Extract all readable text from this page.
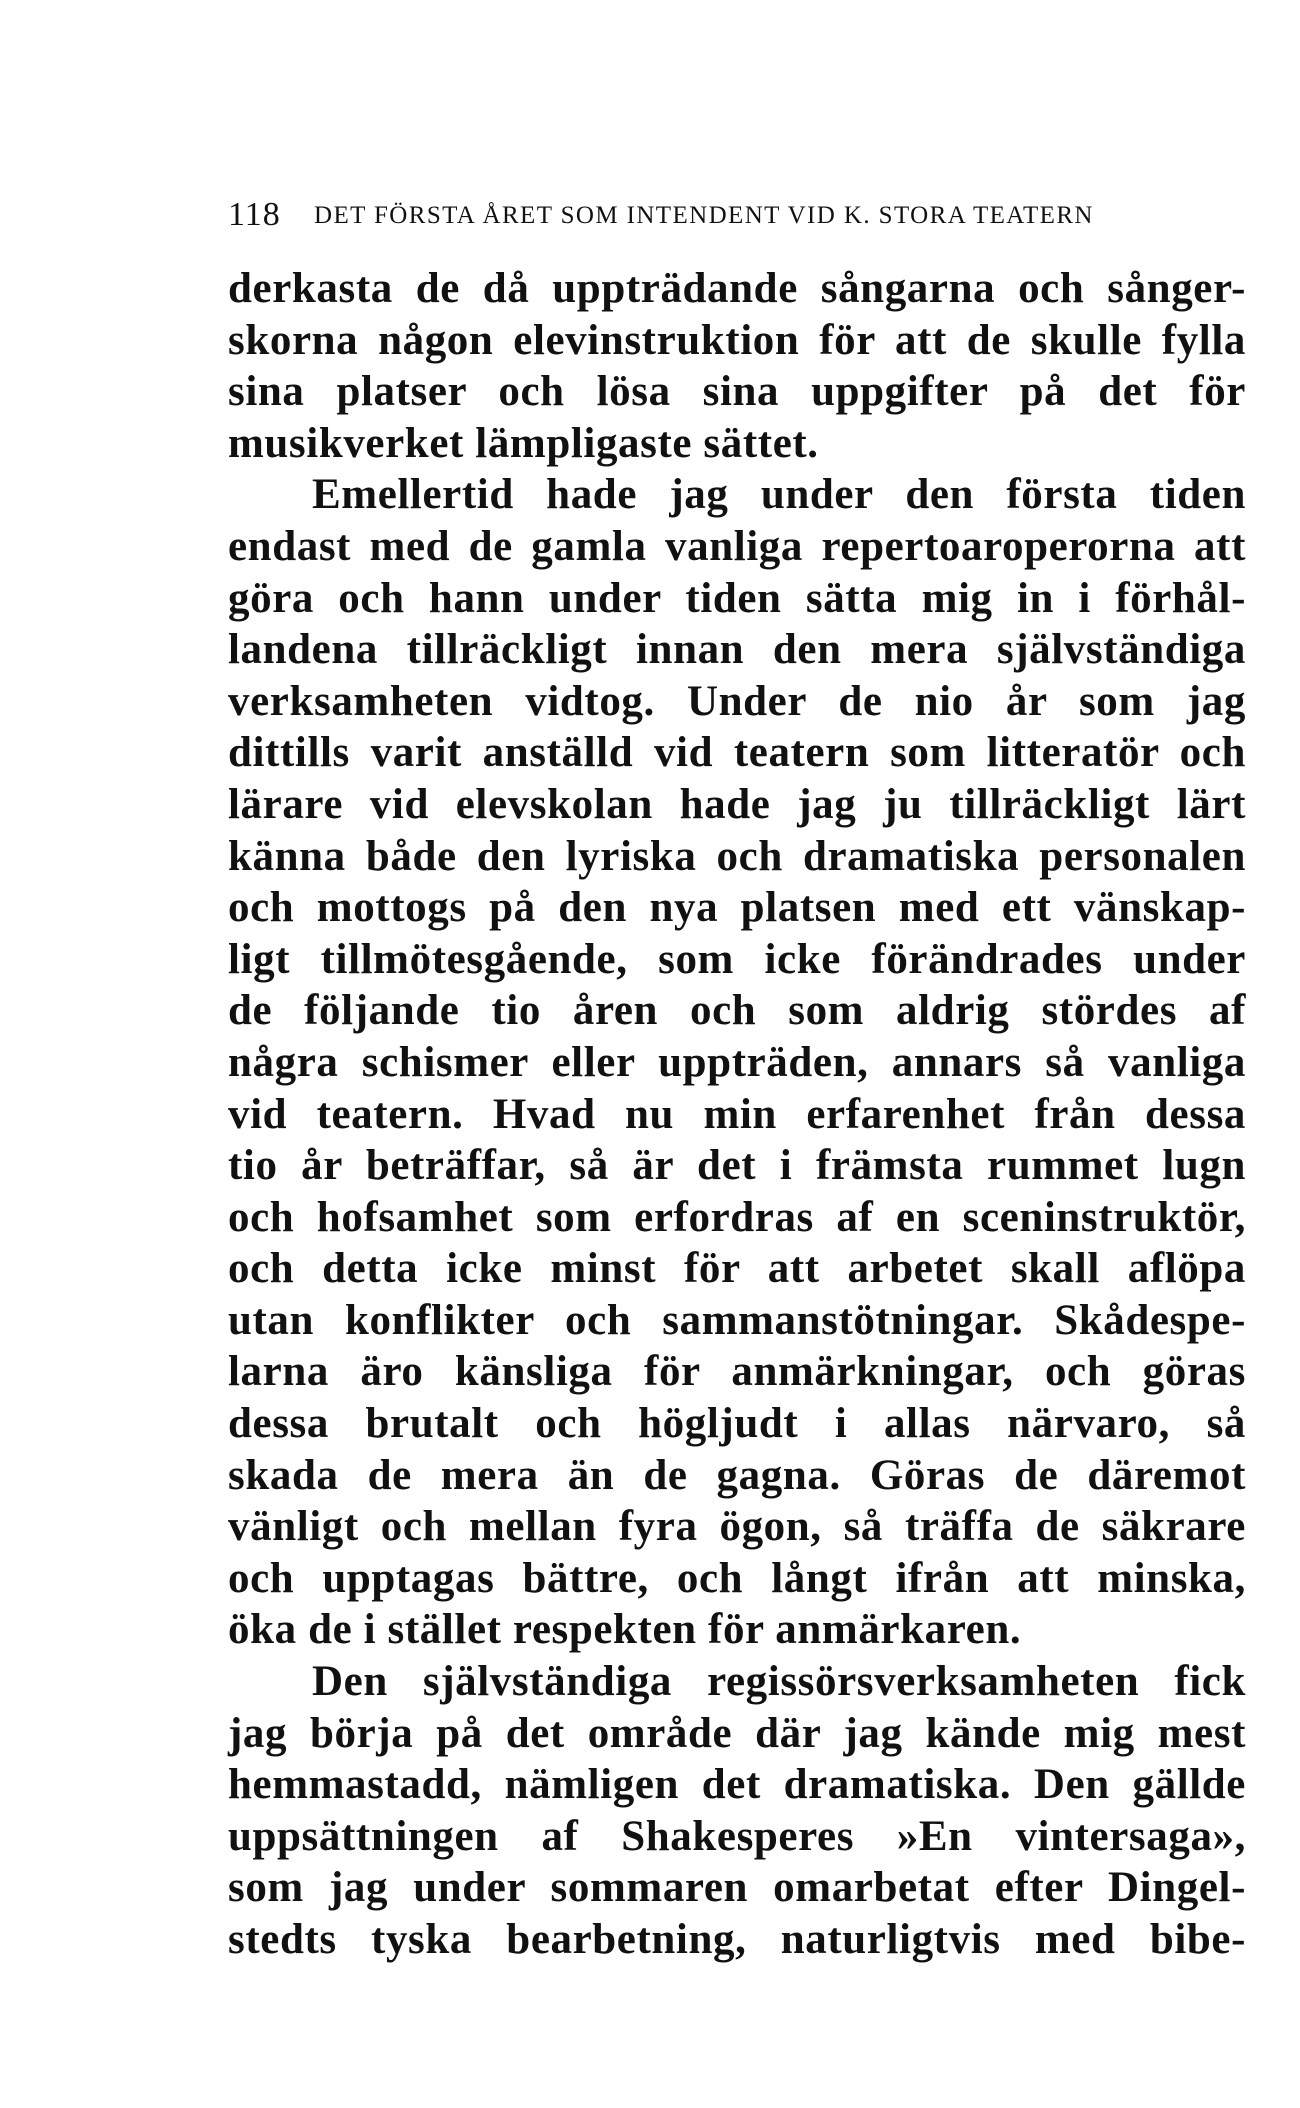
118 DET FÖRSTA ÅRET SOM INTENDENT VID K. STORA TEATERN
derkasta de då uppträdande sångarna och sånger-
skorna någon elevinstruktion för att de skulle fylla
sina platser och lösa sina uppgifter på det för
musikverket lämpligaste sättet.
Emellertid hade jag under den första tiden
endast med de gamla vanliga repertoaroperorna att
göra och hann under tiden sätta mig in i förhål-
landena tillräckligt innan den mera självständiga
verksamheten vidtog. Under de nio år som jag
dittills varit anställd vid teatern som litteratör och
lärare vid elevskolan hade jag ju tillräckligt lärt
känna både den lyriska och dramatiska personalen
och mottogs på den nya platsen med ett vänskap-
ligt tillmötesgående, som icke förändrades under
de följande tio åren och som aldrig stördes af
några schismer eller uppträden, annars så vanliga
vid teatern. Hvad nu min erfarenhet från dessa
tio år beträffar, så är det i främsta rummet lugn
och hofsamhet som erfordras af en sceninstruktör,
och detta icke minst för att arbetet skall aflöpa
utan konflikter och sammanstötningar. Skådespe-
larna äro känsliga för anmärkningar, och göras
dessa brutalt och högljudt i allas närvaro, så
skada de mera än de gagna. Göras de däremot
vänligt och mellan fyra ögon, så träffa de säkrare
och upptagas bättre, och långt ifrån att minska,
öka de i stället respekten för anmärkaren.
Den självständiga regissörsverksamheten fick
jag börja på det område där jag kände mig mest
hemmastadd, nämligen det dramatiska. Den gällde
uppsättningen af Shakesperes »En vintersaga»,
som jag under sommaren omarbetat efter Dingel-
stedts tyska bearbetning, naturligtvis med bibe-
